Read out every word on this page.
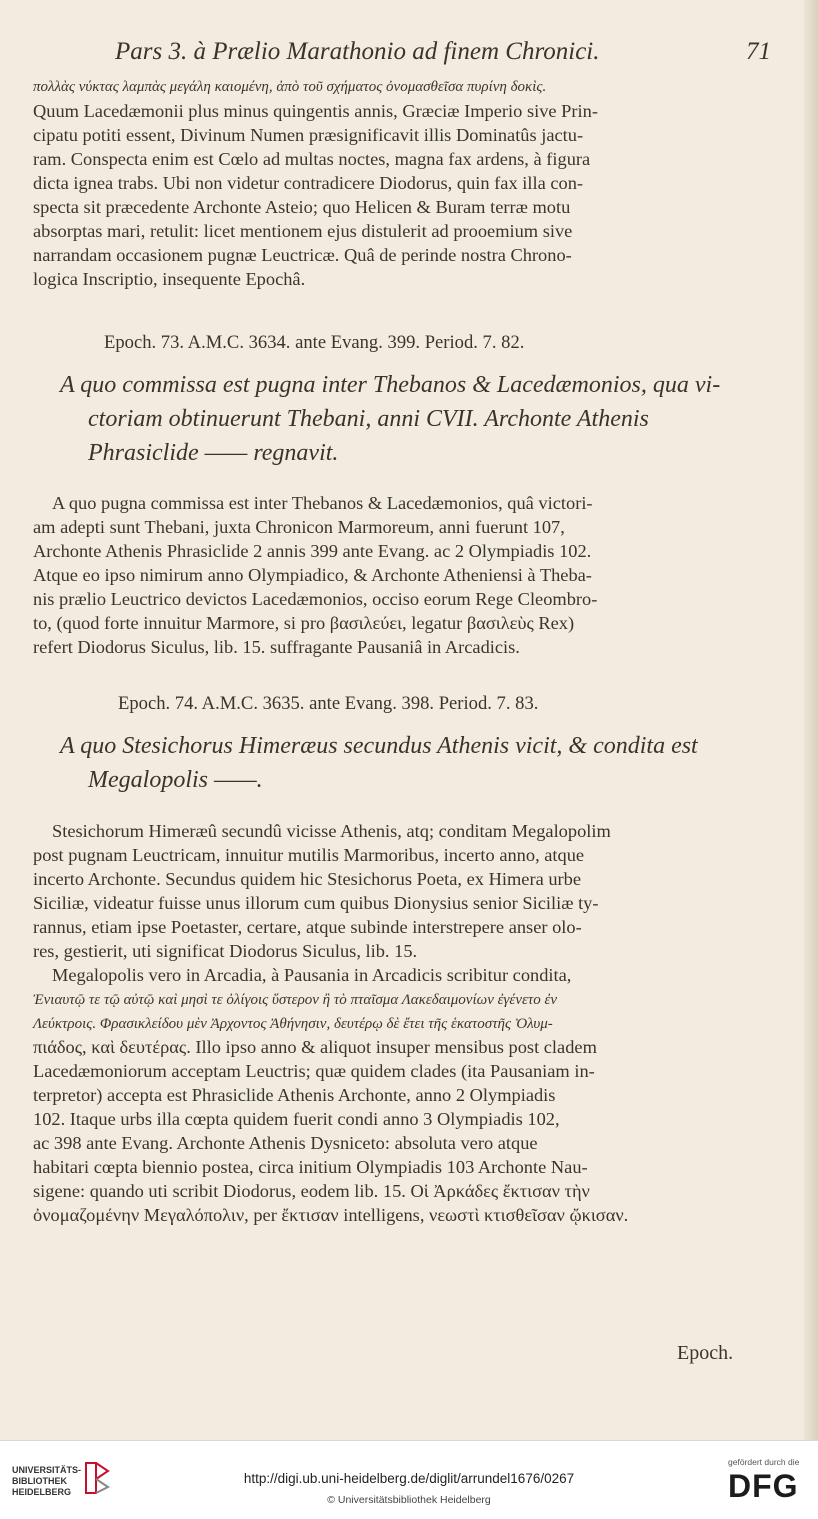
Pars 3. à Prælio Marathonio ad finem Chronici.	71
πολλὰς νύκτας λαμπὰς μεγάλη καιομένη, ἀπὸ τοῦ σχήματος ὀνομασθεῖσα πυρίνη δοκὶς.
Quum Lacedæmonii plus minus quingentis annis, Græciæ Imperio sive Prin-
cipatu potiti essent, Divinum Numen præsignificavit illis Dominatûs jactu-
ram. Conspecta enim est Cœlo ad multas noctes, magna fax ardens, à figura
dicta ignea trabs. Ubi non videtur contradicere Diodorus, quin fax illa con-
specta sit præcedente Archonte Asteio; quo Helicen & Buram terræ motu
absorptas mari, retulit: licet mentionem ejus distulerit ad prooemium sive
narrandam occasionem pugnæ Leuctricæ. Quâ de perinde nostra Chrono-
logica Inscriptio, insequente Epochâ.
Epoch. 73. A.M.C. 3634. ante Evang. 399. Period. 7. 82.
A quo commissa est pugna inter Thebanos & Lacedæmonios, qua vi-
ctoriam obtinuerunt Thebani, anni CVII. Archonte Athenis
Phrasiclide —— regnavit.
A quo pugna commissa est inter Thebanos & Lacedæmonios, quâ victori-
am adepti sunt Thebani, juxta Chronicon Marmoreum, anni fuerunt 107,
Archonte Athenis Phrasiclide 2 annis 399 ante Evang. ac 2 Olympiadis 102.
Atque eo ipso nimirum anno Olympiadico, & Archonte Atheniensi à Theba-
nis prælio Leuctrico devictos Lacedæmonios, occiso eorum Rege Cleombro-
to, (quod forte innuitur Marmore, si pro βασιλεύει, legatur βασιλεὺς Rex)
refert Diodorus Siculus, lib. 15. suffragante Pausaniâ in Arcadicis.
Epoch. 74. A.M.C. 3635. ante Evang. 398. Period. 7. 83.
A quo Stesichorus Himeræus secundus Athenis vicit, & condita est
Megalopolis ——.
Stesichorum Himeræû secundû vicisse Athenis, atq; conditam Megalopolim
post pugnam Leuctricam, innuitur mutilis Marmoribus, incerto anno, atque
incerto Archonte. Secundus quidem hic Stesichorus Poeta, ex Himera urbe
Siciliæ, videatur fuisse unus illorum cum quibus Dionysius senior Siciliæ ty-
rannus, etiam ipse Poetaster, certare, atque subinde interstrepere anser olo-
res, gestierit, uti significat Diodorus Siculus, lib. 15.
Megalopolis vero in Arcadia, à Pausania in Arcadicis scribitur condita,
Ἐνιαυτῷ τε τῷ αὐτῷ καὶ μησὶ τε ὀλίγοις ὕστερον ἢ τὸ πταῖσμα Λακεδαιμονίων ἐγένετο ἐν
Λεύκτροις. Φρασικλείδου μὲν Ἀρχοντος Ἀθήνησιν, δευτέρῳ δὲ ἔτει τῆς ἑκατοστῆς Ὀλυμ-
πιάδος, καὶ δευτέρας. Illo ipso anno & aliquot insuper mensibus post cladem
Lacedæmoniorum acceptam Leuctris; quæ quidem clades (ita Pausaniam in-
terpretor) accepta est Phrasiclide Athenis Archonte, anno 2 Olympiadis
102. Itaque urbs illa cœpta quidem fuerit condi anno 3 Olympiadis 102,
ac 398 ante Evang. Archonte Athenis Dysniceto: absoluta vero atque
habitari cœpta biennio postea, circa initium Olympiadis 103 Archonte Nau-
sigene: quando uti scribit Diodorus, eodem lib. 15. Οἱ Ἀρκάδες ἔκτισαν τὴν
ὀνομαζομένην Μεγαλόπολιν, per ἔκτισαν intelligens, νεωστὶ κτισθεῖσαν ᾤκισαν.
Epoch.
UNIVERSITÄTS- BIBLIOTHEK HEIDELBERG
http://digi.ub.uni-heidelberg.de/diglit/arrundel1676/0267
© Universitätsbibliothek Heidelberg
gefördert durch die
DFG
